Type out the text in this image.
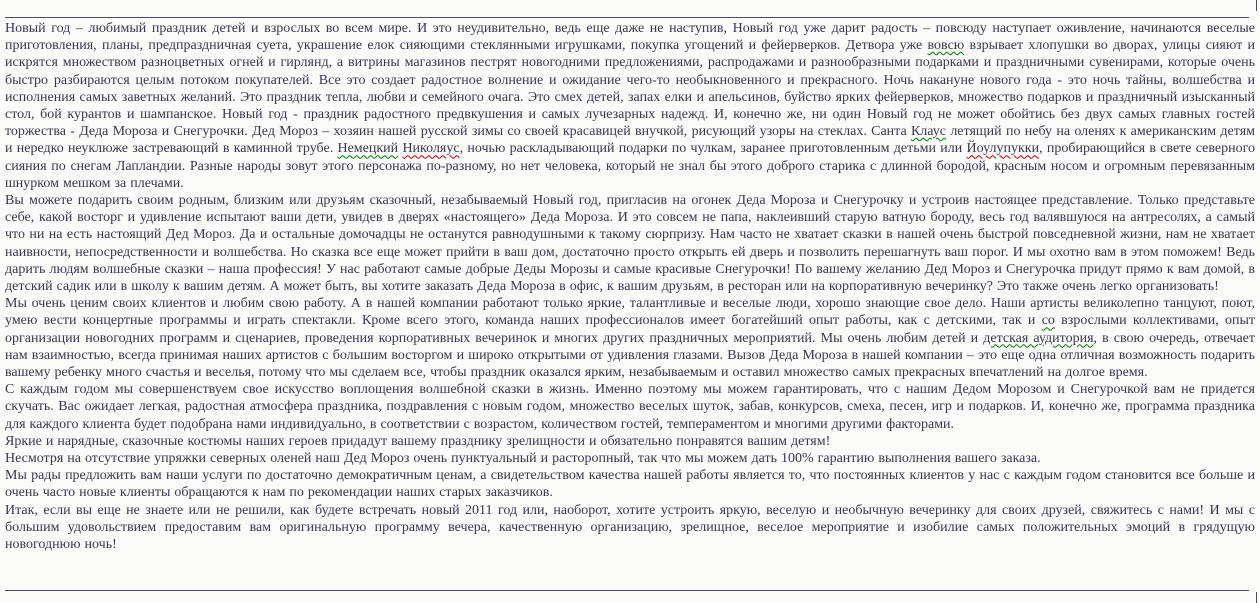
Новый год – любимый праздник детей и взрослых во всем мире. И это неудивительно, ведь еще даже не наступив, Новый год уже дарит радость – повсюду наступает оживление, начинаются веселые приготовления, планы, предпраздничная суета, украшение елок сияющими стеклянными игрушками, покупка угощений и фейерверков. Детвора уже вовсю взрывает хлопушки во дворах, улицы сияют и искрятся множеством разноцветных огней и гирлянд, а витрины магазинов пестрят новогодними предложениями, распродажами и разнообразными подарками и праздничными сувенирами, которые очень быстро разбираются целым потоком покупателей. Все это создает радостное волнение и ожидание чего-то необыкновенного и прекрасного. Ночь накануне нового года - это ночь тайны, волшебства и исполнения самых заветных желаний. Это праздник тепла, любви и семейного очага. Это смех детей, запах елки и апельсинов, буйство ярких фейерверков, множество подарков и праздничный изысканный стол, бой курантов и шампанское. Новый год - праздник радостного предвкушения и самых лучезарных надежд. И, конечно же, ни один Новый год не может обойтись без двух самых главных гостей торжества - Деда Мороза и Снегурочки. Дед Мороз – хозяин нашей русской зимы со своей красавицей внучкой, рисующий узоры на стеклах. Санта Клаус летящий по небу на оленях к американским детям и нередко неуклюже застревающий в каминной трубе. Немецкий Николяус, ночью раскладывающий подарки по чулкам, заранее приготовленным детьми или Йоулупукки, пробирающийся в свете северного сияния по снегам Лапландии. Разные народы зовут этого персонажа по-разному, но нет человека, который не знал бы этого доброго старика с длинной бородой, красным носом и огромным перевязанным шнурком мешком за плечами.

Вы можете подарить своим родным, близким или друзьям сказочный, незабываемый Новый год, пригласив на огонек Деда Мороза и Снегурочку и устроив настоящее представление. Только представьте себе, какой восторг и удивление испытают ваши дети, увидев в дверях «настоящего» Деда Мороза. И это совсем не папа, наклеивший старую ватную бороду, весь год валявшуюся на антресолях, а самый что ни на есть настоящий Дед Мороз. Да и остальные домочадцы не останутся равнодушными к такому сюрпризу. Нам часто не хватает сказки в нашей очень быстрой повседневной жизни, нам не хватает наивности, непосредственности и волшебства. Но сказка все еще может прийти в ваш дом, достаточно просто открыть ей дверь и позволить перешагнуть ваш порог. И мы охотно вам в этом поможем! Ведь дарить людям волшебные сказки – наша профессия! У нас работают самые добрые Деды Морозы и самые красивые Снегурочки! По вашему желанию Дед Мороз и Снегурочка придут прямо к вам домой, в детский садик или в школу к вашим детям. А может быть, вы хотите заказать Деда Мороза в офис, к вашим друзьям, в ресторан или на корпоративную вечеринку? Это также очень легко организовать!

Мы очень ценим своих клиентов и любим свою работу. А в нашей компании работают только яркие, талантливые и веселые люди, хорошо знающие свое дело. Наши артисты великолепно танцуют, поют, умею вести концертные программы и играть спектакли. Кроме всего этого, команда наших профессионалов имеет богатейший опыт работы, как с детскими, так и со взрослыми коллективами, опыт организации новогодних программ и сценариев, проведения корпоративных вечеринок и многих других праздничных мероприятий. Мы очень любим детей и детская аудитория, в свою очередь, отвечает нам взаимностью, всегда принимая наших артистов с большим восторгом и широко открытыми от удивления глазами. Вызов Деда Мороза в нашей компании – это еще одна отличная возможность подарить вашему ребенку много счастья и веселья, потому что мы сделаем все, чтобы праздник оказался ярким, незабываемым и оставил множество самых прекрасных впечатлений на долгое время.

С каждым годом мы совершенствуем свое искусство воплощения волшебной сказки в жизнь. Именно поэтому мы можем гарантировать, что с нашим Дедом Морозом и Снегурочкой вам не придется скучать. Вас ожидает легкая, радостная атмосфера праздника, поздравления с новым годом, множество веселых шуток, забав, конкурсов, смеха, песен, игр и подарков. И, конечно же, программа праздника для каждого клиента будет подобрана нами индивидуально, в соответствии с возрастом, количеством гостей, темпераментом и многими другими факторами.

Яркие и нарядные, сказочные костюмы наших героев придадут вашему празднику зрелищности и обязательно понравятся вашим детям!

Несмотря на отсутствие упряжки северных оленей наш Дед Мороз очень пунктуальный и расторопный, так что мы можем дать 100% гарантию выполнения вашего заказа.

Мы рады предложить вам наши услуги по достаточно демократичным ценам, а свидетельством качества нашей работы является то, что постоянных клиентов у нас с каждым годом становится все больше и очень часто новые клиенты обращаются к нам по рекомендации наших старых заказчиков.

Итак, если вы еще не знаете или не решили, как будете встречать новый 2011 год или, наоборот, хотите устроить яркую, веселую и необычную вечеринку для своих друзей, свяжитесь с нами! И мы с большим удовольствием предоставим вам оригинальную программу вечера, качественную организацию, зрелищное, веселое мероприятие и изобилие самых положительных эмоций в грядущую новогоднюю ночь!
